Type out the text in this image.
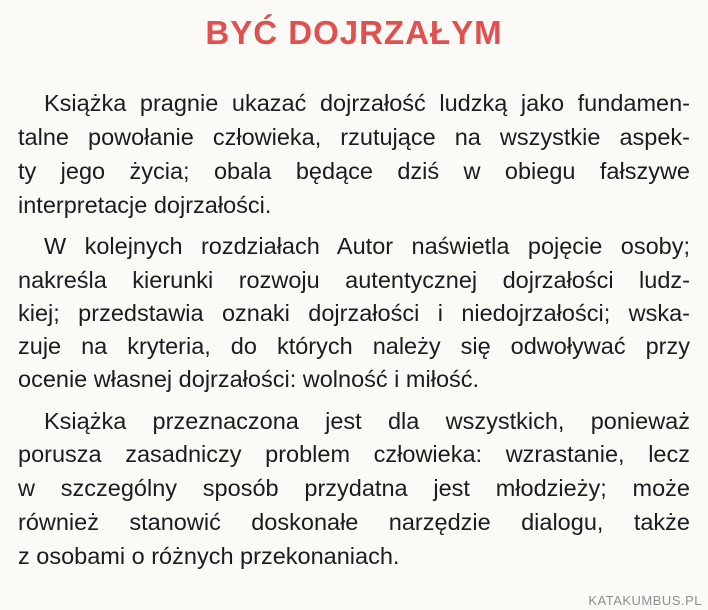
BYĆ DOJRZAŁYM

Książka pragnie ukazać dojrzałość ludzką jako fundamen-

talne powołanie człowieka, rzutujące na wszystkie aspek-

ty jego życia; obala będące dziś w obiegu fałszywe

interpretacje dojrzałości.

W kolejnych rozdziałach Autor naświetla pojęcie osoby;

nakreśla kierunki rozwoju autentycznej dojrzałości ludz-

kiej; przedstawia oznaki dojrzałości i niedojrzałości; wska-

zuje na kryteria, do których należy się odwoływać przy

ocenie własnej dojrzałości: wolność i miłość.

Książka przeznaczona jest dla wszystkich, ponieważ

porusza zasadniczy problem człowieka: wzrastanie, lecz

w szczególny sposób przydatna jest młodzieży; może

również stanowić doskonałe narzędzie dialogu, także

z osobami o różnych przekonaniach.

KATAKUMBUS.PL
